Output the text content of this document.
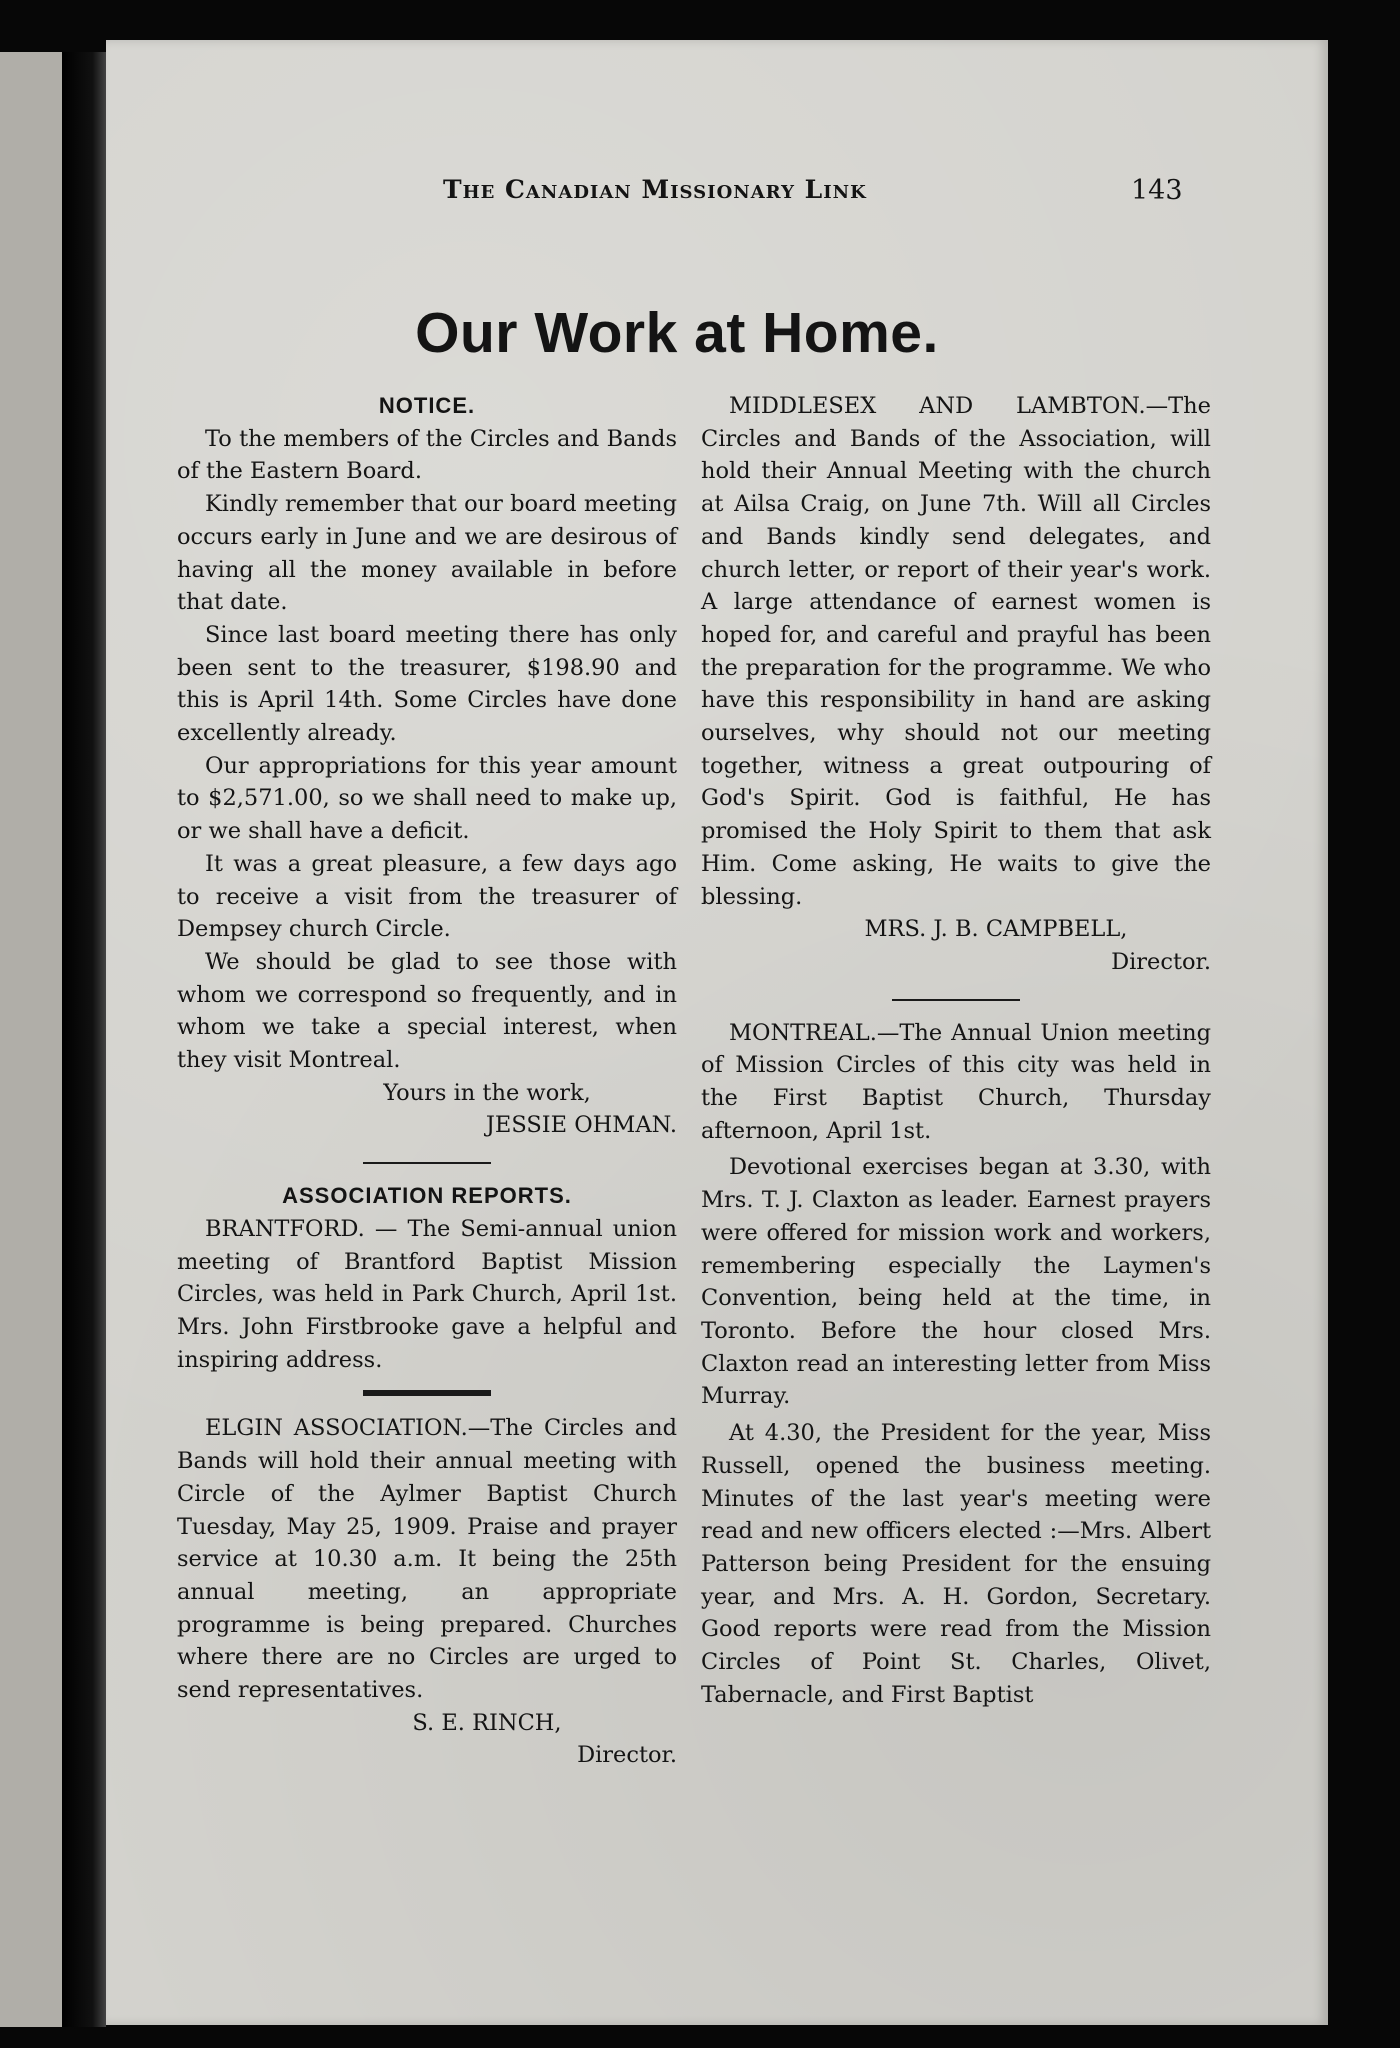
The Canadian Missionary Link	143
Our Work at Home.

NOTICE.

To the members of the Circles and Bands of the Eastern Board.

Kindly remember that our board meeting occurs early in June and we are desirous of having all the money available in before that date.

Since last board meeting there has only been sent to the treasurer, $198.90 and this is April 14th. Some Circles have done excellently already.

Our appropriations for this year amount to $2,571.00, so we shall need to make up, or we shall have a deficit.

It was a great pleasure, a few days ago to receive a visit from the treasurer of Dempsey church Circle.

We should be glad to see those with whom we correspond so frequently, and in whom we take a special interest, when they visit Montreal.

Yours in the work,

JESSIE OHMAN.

ASSOCIATION REPORTS.

BRANTFORD. — The Semi-annual union meeting of Brantford Baptist Mission Circles, was held in Park Church, April 1st. Mrs. John Firstbrooke gave a helpful and inspiring address.

ELGIN ASSOCIATION.—The Circles and Bands will hold their annual meeting with Circle of the Aylmer Baptist Church Tuesday, May 25, 1909. Praise and prayer service at 10.30 a.m. It being the 25th annual meeting, an appropriate programme is being prepared. Churches where there are no Circles are urged to send representatives.

S. E. RINCH,

Director.

MIDDLESEX AND LAMBTON.—The Circles and Bands of the Association, will hold their Annual Meeting with the church at Ailsa Craig, on June 7th. Will all Circles and Bands kindly send delegates, and church letter, or report of their year's work. A large attendance of earnest women is hoped for, and careful and prayful has been the preparation for the programme. We who have this responsibility in hand are asking ourselves, why should not our meeting together, witness a great outpouring of God's Spirit. God is faithful, He has promised the Holy Spirit to them that ask Him. Come asking, He waits to give the blessing.

MRS. J. B. CAMPBELL,

Director.

MONTREAL.—The Annual Union meeting of Mission Circles of this city was held in the First Baptist Church, Thursday afternoon, April 1st.

Devotional exercises began at 3.30, with Mrs. T. J. Claxton as leader. Earnest prayers were offered for mission work and workers, remembering especially the Laymen's Convention, being held at the time, in Toronto. Before the hour closed Mrs. Claxton read an interesting letter from Miss Murray.

At 4.30, the President for the year, Miss Russell, opened the business meeting. Minutes of the last year's meeting were read and new officers elected :—Mrs. Albert Patterson being President for the ensuing year, and Mrs. A. H. Gordon, Secretary. Good reports were read from the Mission Circles of Point St. Charles, Olivet, Tabernacle, and First Baptist
